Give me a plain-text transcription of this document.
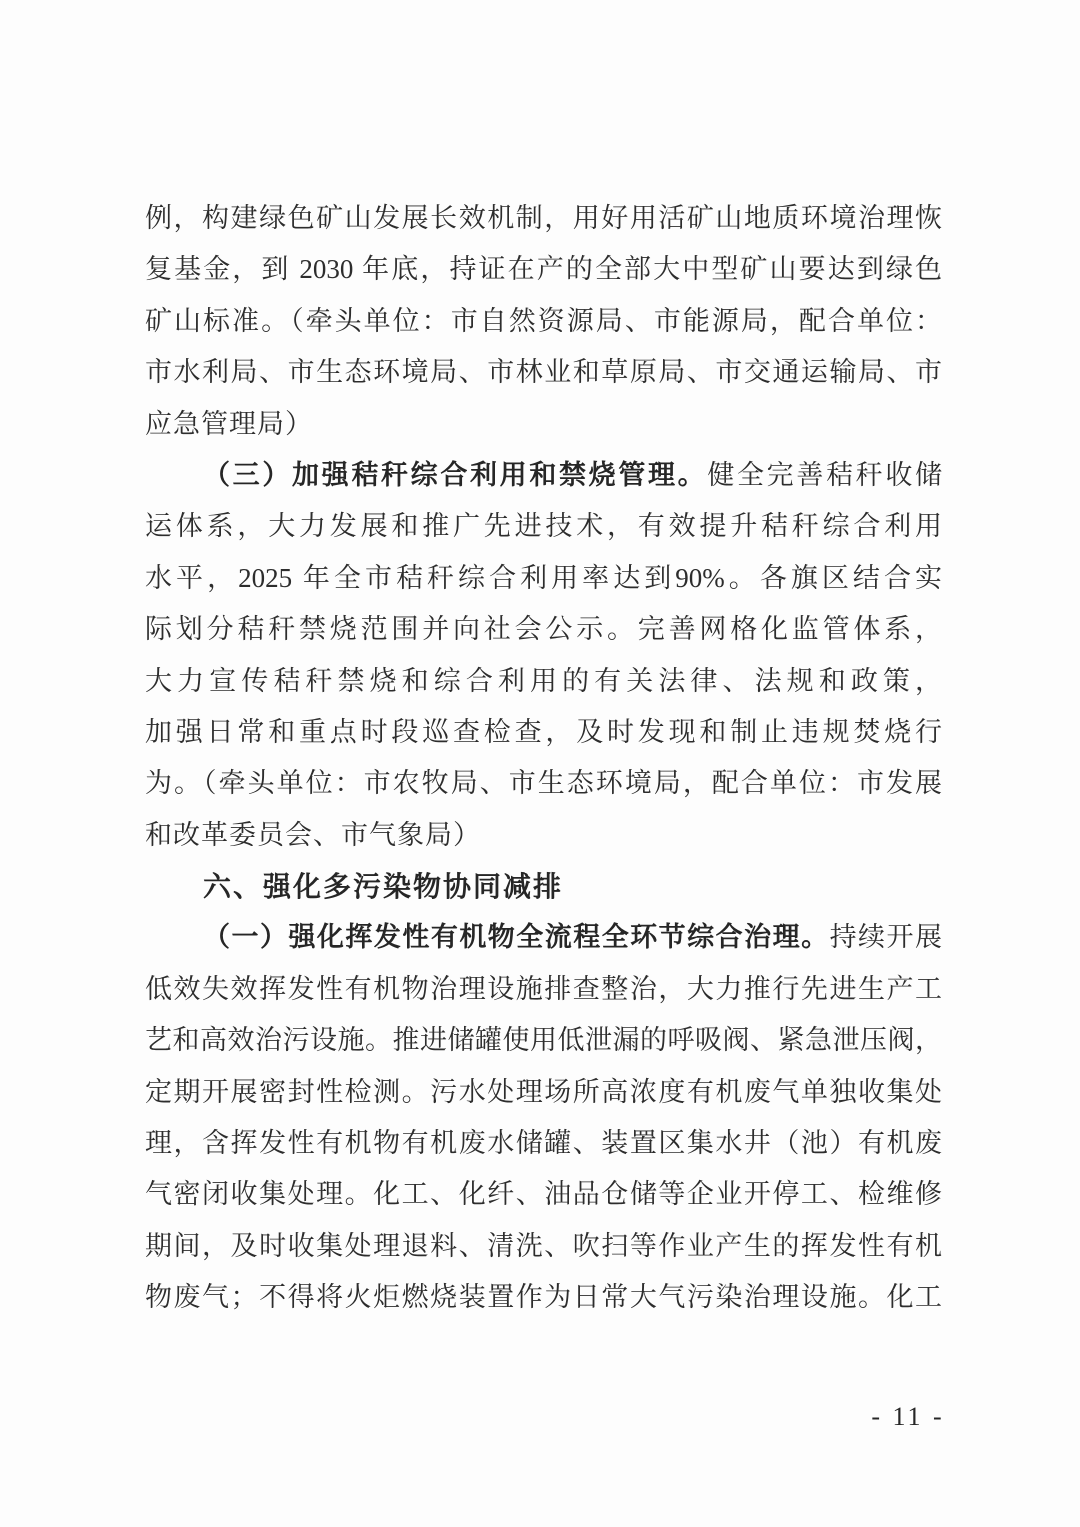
例，构建绿色矿山发展长效机制，用好用活矿山地质环境治理恢
复基金，到 2030 年底，持证在产的全部大中型矿山要达到绿色
矿山标准。（牵头单位：市自然资源局、市能源局，配合单位：
市水利局、市生态环境局、市林业和草原局、市交通运输局、市
应急管理局）
（三）加强秸秆综合利用和禁烧管理。健全完善秸秆收储
运体系，大力发展和推广先进技术，有效提升秸秆综合利用
水平，2025 年全市秸秆综合利用率达到90%。各旗区结合实
际划分秸秆禁烧范围并向社会公示。完善网格化监管体系，
大力宣传秸秆禁烧和综合利用的有关法律、法规和政策，
加强日常和重点时段巡查检查，及时发现和制止违规焚烧行
为。（牵头单位：市农牧局、市生态环境局，配合单位：市发展
和改革委员会、市气象局）
六、强化多污染物协同减排
（一）强化挥发性有机物全流程全环节综合治理。持续开展
低效失效挥发性有机物治理设施排查整治，大力推行先进生产工
艺和高效治污设施。推进储罐使用低泄漏的呼吸阀、紧急泄压阀，
定期开展密封性检测。污水处理场所高浓度有机废气单独收集处
理，含挥发性有机物有机废水储罐、装置区集水井（池）有机废
气密闭收集处理。化工、化纤、油品仓储等企业开停工、检维修
期间，及时收集处理退料、清洗、吹扫等作业产生的挥发性有机
物废气；不得将火炬燃烧装置作为日常大气污染治理设施。化工
- 11 -
